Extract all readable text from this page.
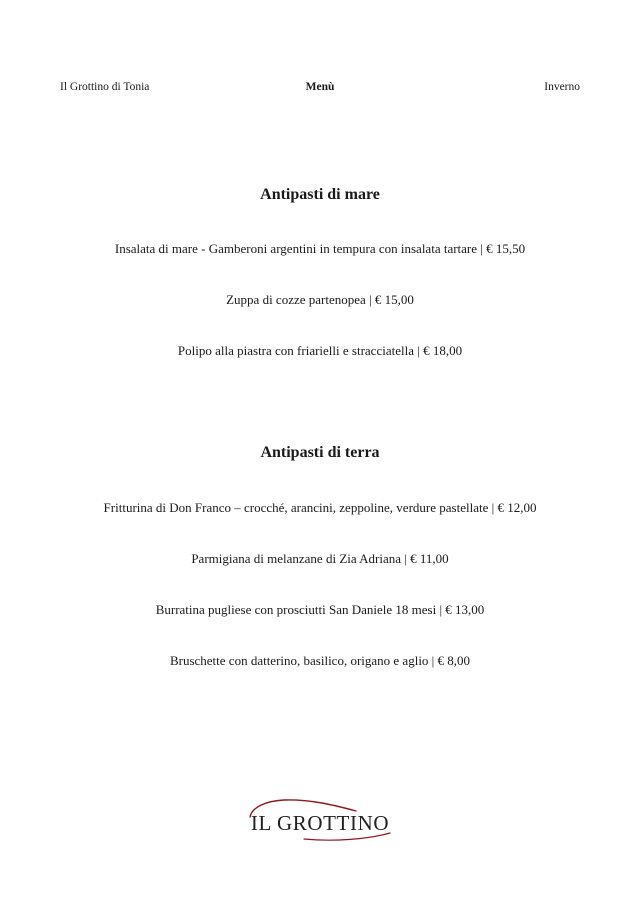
Il Grottino di Tonia	Menù	Inverno
Antipasti di mare
Insalata di mare - Gamberoni argentini in tempura con insalata tartare | € 15,50
Zuppa di cozze partenopea | € 15,00
Polipo alla piastra con friarielli e stracciatella | € 18,00
Antipasti di terra
Fritturina di Don Franco – crocché, arancini, zeppoline, verdure pastellate | € 12,00
Parmigiana di melanzane di Zia Adriana | € 11,00
Burratina pugliese con prosciutti San Daniele 18 mesi | € 13,00
Bruschette con datterino, basilico, origano e aglio | € 8,00
IL GROTTINO
